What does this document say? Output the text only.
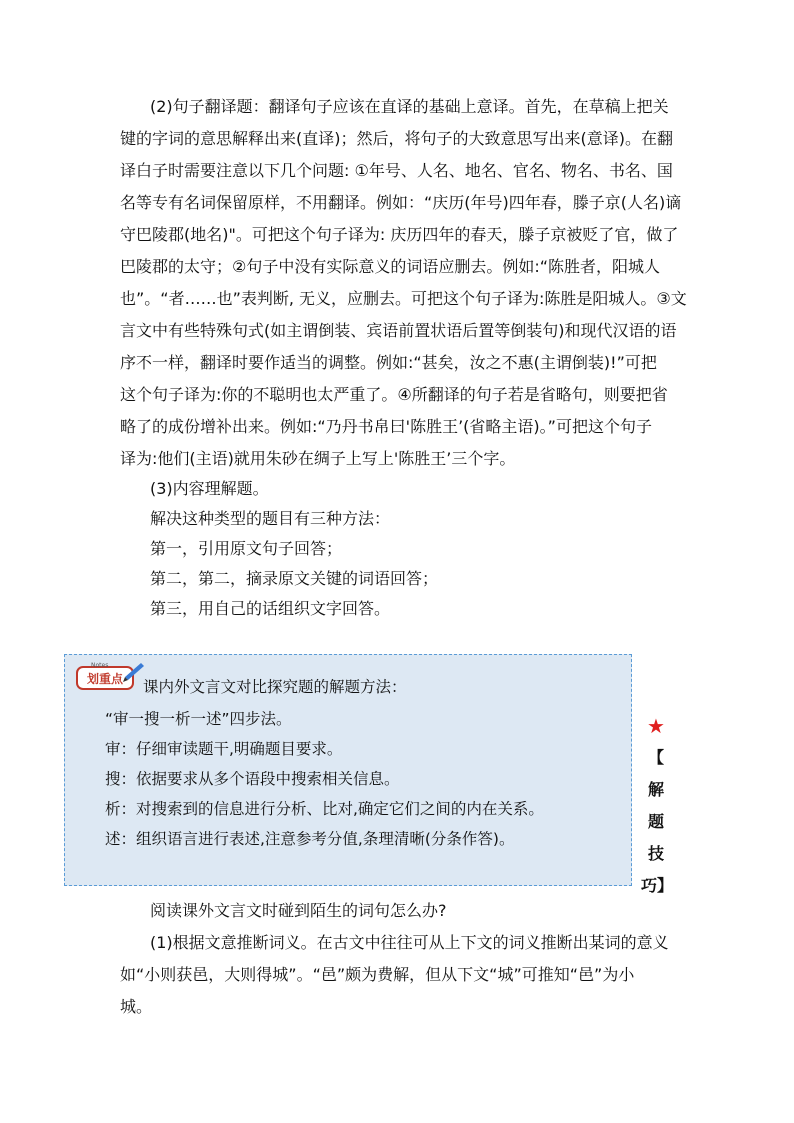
(2)句子翻译题：翻译句子应该在直译的基础上意译。首先，在草稿上把关
键的字词的意思解释出来(直译)；然后，将句子的大致意思写出来(意译)。在翻
译白子时需要注意以下几个问题: ①年号、人名、地名、官名、物名、书名、国
名等专有名词保留原样，不用翻译。例如：“庆历(年号)四年春，滕子京(人名)谪
守巴陵郡(地名)"。可把这个句子译为: 庆历四年的春天，滕子京被贬了官，做了
巴陵郡的太守；②句子中没有实际意义的词语应删去。例如:“陈胜者，阳城人
也”。“者……也”表判断, 无义，应删去。可把这个句子译为:陈胜是阳城人。③文
言文中有些特殊句式(如主谓倒装、宾语前置状语后置等倒装句)和现代汉语的语
序不一样，翻译时要作适当的调整。例如:“甚矣，汝之不惠(主谓倒装)!”可把
这个句子译为:你的不聪明也太严重了。④所翻译的句子若是省略句，则要把省
略了的成份增补出来。例如:“乃丹书帛曰'陈胜王’(省略主语)。”可把这个句子
译为:他们(主语)就用朱砂在绸子上写上'陈胜王’三个字。
(3)内容理解题。
解决这种类型的题目有三种方法：
第一，引用原文句子回答；
第二，第二，摘录原文关键的词语回答；
第三，用自己的话组织文字回答。
划重点
Notes
课内外文言文对比探究题的解题方法：
“审一搜一析一述”四步法。
审：仔细审读题干,明确题目要求。
搜：依据要求从多个语段中搜索相关信息。
析：对搜索到的信息进行分析、比对,确定它们之间的内在关系。
述：组织语言进行表述,注意参考分值,条理清晰(分条作答)。
★
【
解
题
技
巧】
阅读课外文言文时碰到陌生的词句怎么办?
(1)根据文意推断词义。在古文中往往可从上下文的词义推断出某词的意义
如“小则获邑，大则得城”。“邑”颇为费解，但从下文“城”可推知“邑”为小
城。
